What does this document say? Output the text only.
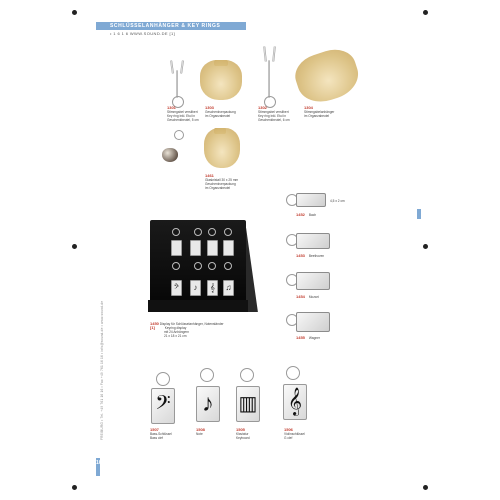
SCHLÜSSELANHÄNGER & KEY RINGS
• 1 6 1 6 WWW.SOUND.DE [1]
16
FREIBURG • Tel. +49 761 16 16 • Fax +49 761 16 16 • info@sound.de • www.sound.de
1301
Stimmgabel versilbert
Key ring inkl. Etui in
Geschenkbeutel, 5 cm
1303
Geschenkverpackung
im Organzabeutel
1302
Stimmgabel versilbert
Key ring inkl. Etui in
Geschenkbeutel, 6 cm
1304
Stimmgabelanhänger
im Organzabeutel
1461
Glaskristall 30 x 25 mm
Geschenkverpackung
im Organzabeutel
4,5 x 2 cm
1452 Bach
1453 Beethoven
1454 Mozart
1455 Wagner
𝄢	♪	𝄞	♫
1450 Display für Schlüsselanhänger, Notenständer
[1]	Keyring display
mit 24 Anhängern
21 x 18 x 21 cm
𝄢
1507
Bass-Schlüssel
Bass clef
♪
1508
Note
▥
1505
Klaviatur
Keyboard
𝄞
1506
Violinschlüssel
G clef
